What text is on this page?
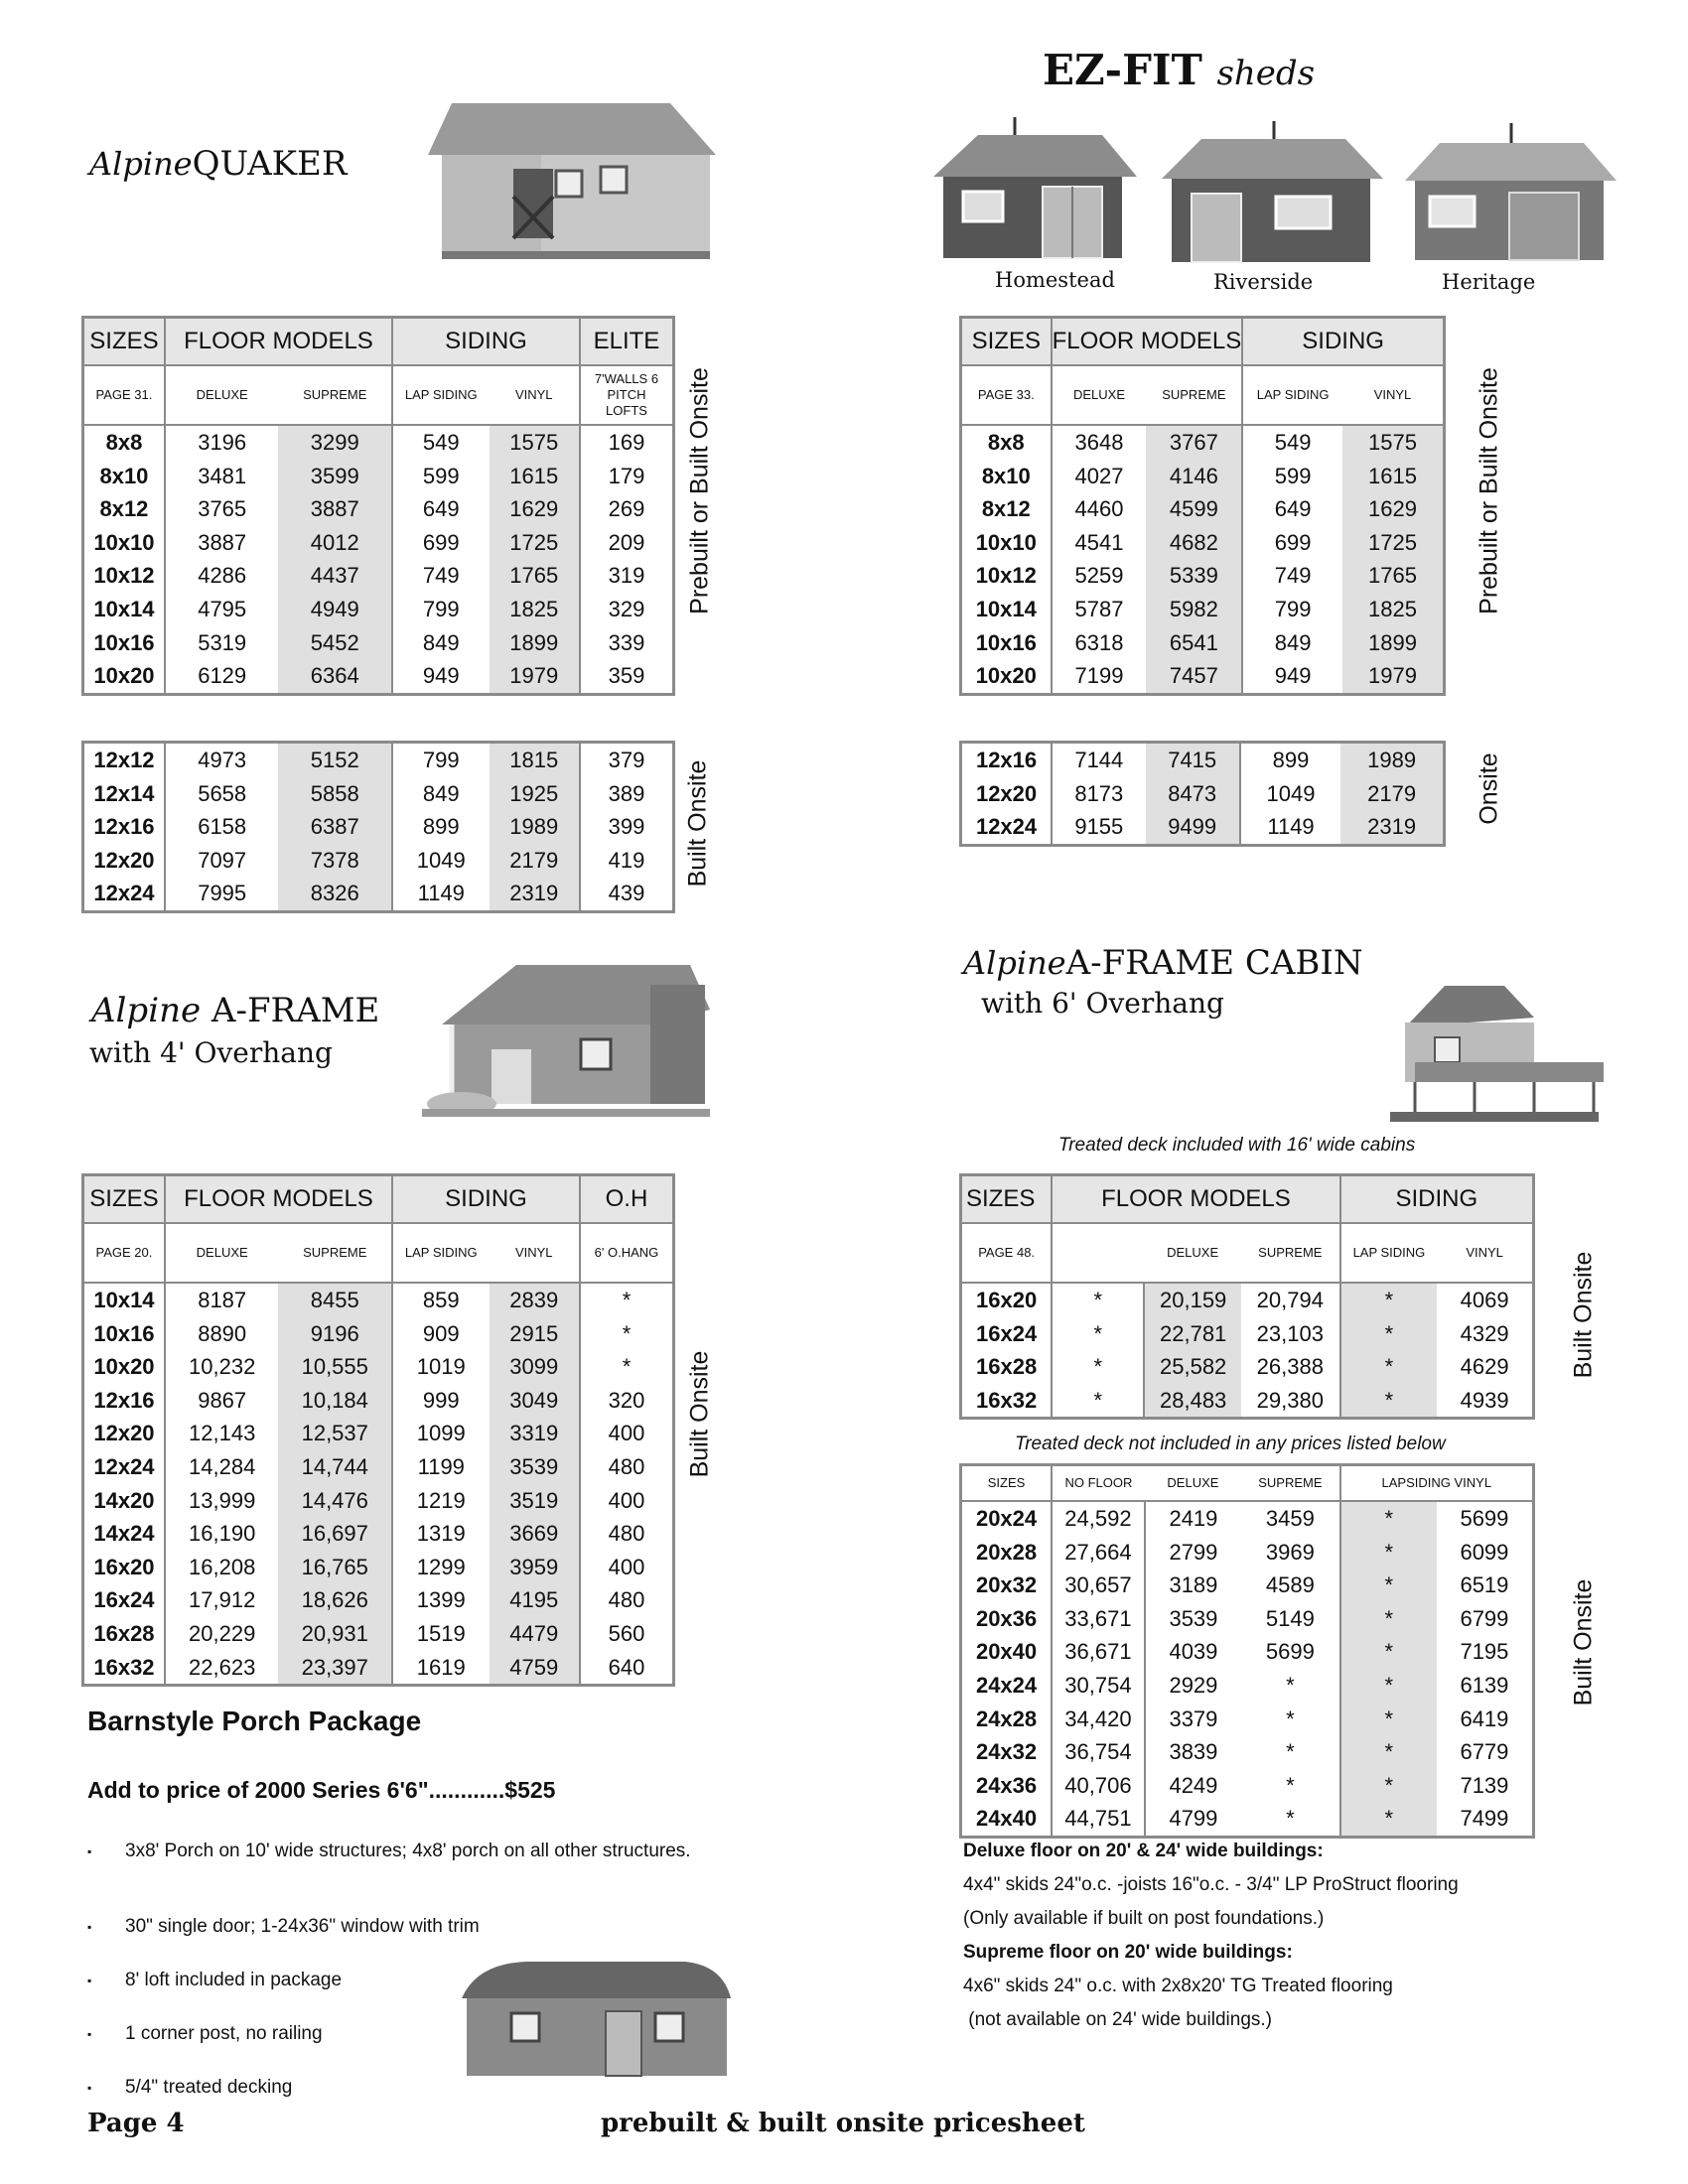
EZ-FIT sheds
Homestead	Riverside	Heritage
AlpineQUAKER
SIZES	FLOOR MODELS		SIDING		ELITE
PAGE 31.	DELUXE	SUPREME	LAP SIDING	VINYL	7'WALLS 6 PITCH LOFTS
8x8	3196	3299	549	1575	169
8x10	3481	3599	599	1615	179
8x12	3765	3887	649	1629	269
10x10	3887	4012	699	1725	209
10x12	4286	4437	749	1765	319
10x14	4795	4949	799	1825	329
10x16	5319	5452	849	1899	339
10x20	6129	6364	949	1979	359
12x12	4973	5152	799	1815	379
12x14	5658	5858	849	1925	389
12x16	6158	6387	899	1989	399
12x20	7097	7378	1049	2179	419
12x24	7995	8326	1149	2319	439
Prebuilt or Built Onsite
Built Onsite
SIZES	FLOOR MODELS		SIDING	
PAGE 33.	DELUXE	SUPREME	LAP SIDING	VINYL
8x8	3648	3767	549	1575
8x10	4027	4146	599	1615
8x12	4460	4599	649	1629
10x10	4541	4682	699	1725
10x12	5259	5339	749	1765
10x14	5787	5982	799	1825
10x16	6318	6541	849	1899
10x20	7199	7457	949	1979
12x16	7144	7415	899	1989
12x20	8173	8473	1049	2179
12x24	9155	9499	1149	2319
Prebuilt or Built Onsite
Onsite
Alpine A-FRAME
with 4' Overhang
SIZES	FLOOR MODELS		SIDING		O.H
PAGE 20.	DELUXE	SUPREME	LAP SIDING	VINYL	6' O.HANG
10x14	8187	8455	859	2839	*
10x16	8890	9196	909	2915	*
10x20	10,232	10,555	1019	3099	*
12x16	9867	10,184	999	3049	320
12x20	12,143	12,537	1099	3319	400
12x24	14,284	14,744	1199	3539	480
14x20	13,999	14,476	1219	3519	400
14x24	16,190	16,697	1319	3669	480
16x20	16,208	16,765	1299	3959	400
16x24	17,912	18,626	1399	4195	480
16x28	20,229	20,931	1519	4479	560
16x32	22,623	23,397	1619	4759	640
Built Onsite
Barnstyle Porch Package
Add to price of 2000 Series 6'6"............$525
▪ 3x8' Porch on 10' wide structures; 4x8' porch on all other structures.
▪ 30" single door; 1-24x36" window with trim
▪ 8' loft included in package
▪ 1 corner post, no railing
▪ 5/4" treated decking
AlpineA-FRAME CABIN
with 6' Overhang
Treated deck included with 16' wide cabins
SIZES	FLOOR MODELS			SIDING	
PAGE 48.		DELUXE	SUPREME	LAP SIDING	VINYL
16x20	*	20,159	20,794	*	4069
16x24	*	22,781	23,103	*	4329
16x28	*	25,582	26,388	*	4629
16x32	*	28,483	29,380	*	4939
Treated deck not included in any prices listed below
SIZES	NO FLOOR	DELUXE	SUPREME	LAPSIDING VINYL	
20x24	24,592	2419	3459	*	5699
20x28	27,664	2799	3969	*	6099
20x32	30,657	3189	4589	*	6519
20x36	33,671	3539	5149	*	6799
20x40	36,671	4039	5699	*	7195
24x24	30,754	2929	*	*	6139
24x28	34,420	3379	*	*	6419
24x32	36,754	3839	*	*	6779
24x36	40,706	4249	*	*	7139
24x40	44,751	4799	*	*	7499
Built Onsite
Built Onsite
Deluxe floor on 20' & 24' wide buildings:
4x4" skids 24"o.c. -joists 16"o.c. - 3/4" LP ProStruct flooring
(Only available if built on post foundations.)
Supreme floor on 20' wide buildings:
4x6" skids 24" o.c. with 2x8x20' TG Treated flooring
(not available on 24' wide buildings.)
Page 4	prebuilt & built onsite pricesheet
